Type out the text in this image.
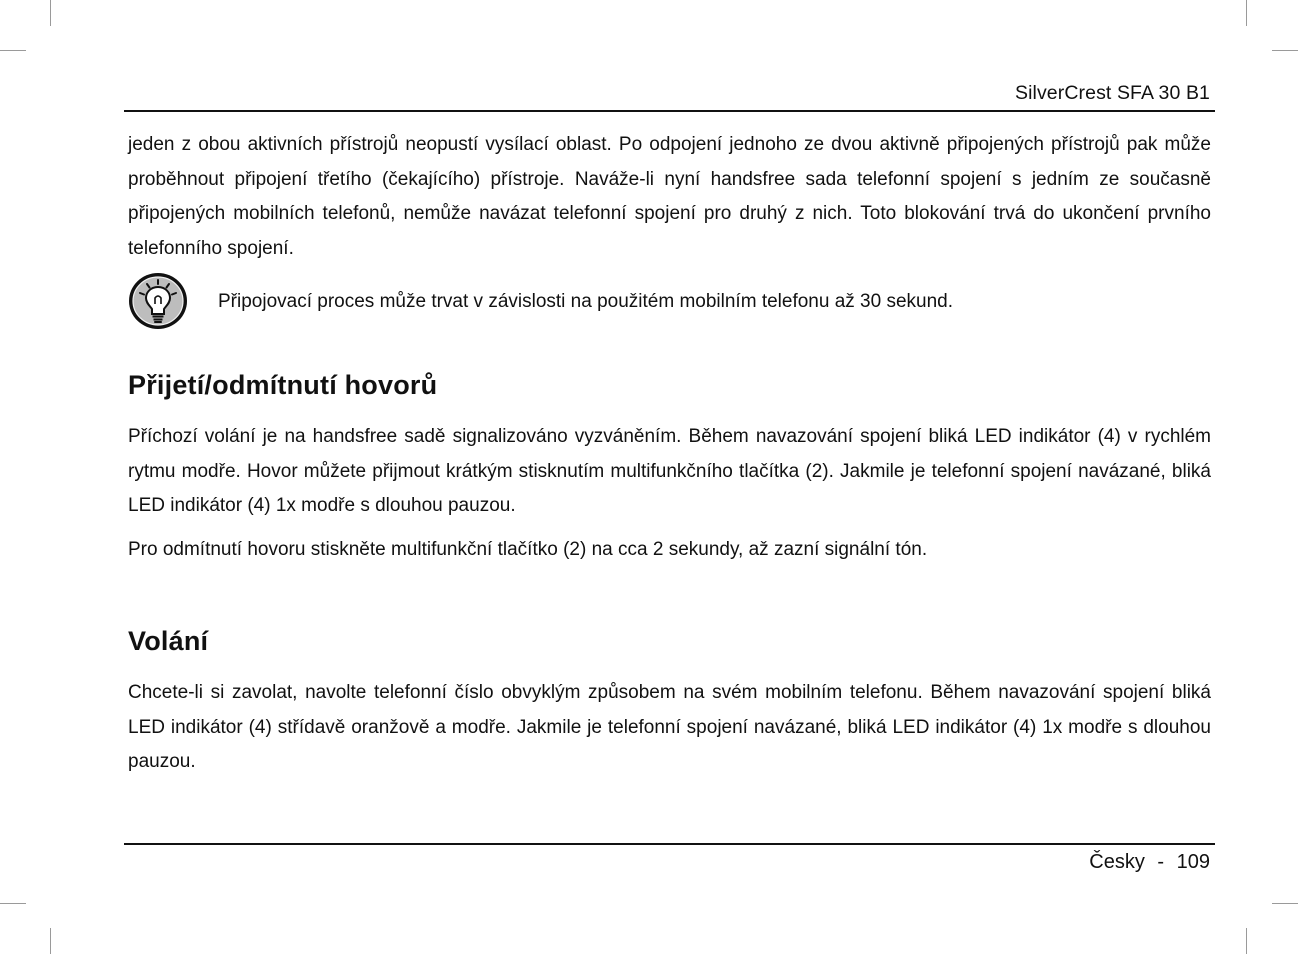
SilverCrest SFA 30 B1

jeden z obou aktivních přístrojů neopustí vysílací oblast. Po odpojení jednoho ze dvou aktivně připojených přístrojů pak může proběhnout připojení třetího (čekajícího) přístroje. Naváže-li nyní handsfree sada telefonní spojení s jedním ze současně připojených mobilních telefonů, nemůže navázat telefonní spojení pro druhý z nich. Toto blokování trvá do ukončení prvního telefonního spojení.

Připojovací proces může trvat v závislosti na použitém mobilním telefonu až 30 sekund.

Přijetí/odmítnutí hovorů

Příchozí volání je na handsfree sadě signalizováno vyzváněním. Během navazování spojení bliká LED indikátor (4) v rychlém rytmu modře. Hovor můžete přijmout krátkým stisknutím multifunkčního tlačítka (2). Jakmile je telefonní spojení navázané, bliká LED indikátor (4) 1x modře s dlouhou pauzou.

Pro odmítnutí hovoru stiskněte multifunkční tlačítko (2) na cca 2 sekundy, až zazní signální tón.

Volání

Chcete-li si zavolat, navolte telefonní číslo obvyklým způsobem na svém mobilním telefonu. Během navazování spojení bliká LED indikátor (4) střídavě oranžově a modře. Jakmile je telefonní spojení navázané, bliká LED indikátor (4) 1x modře s dlouhou pauzou.

Česky - 109
